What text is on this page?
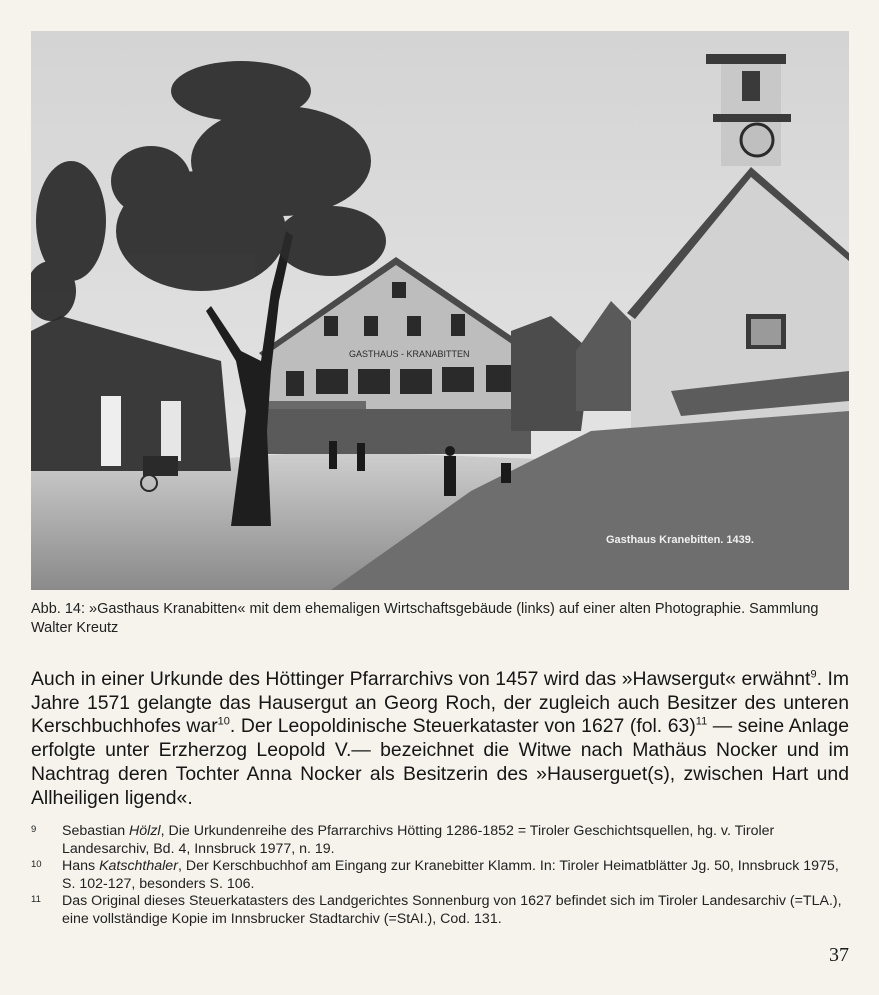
GASTHAUS - KRANABITTEN
Gasthaus Kranebitten. 1439.
Abb. 14: »Gasthaus Kranabitten« mit dem ehemaligen Wirtschaftsgebäude (links) auf einer alten Photographie. Sammlung Walter Kreutz
Auch in einer Urkunde des Höttinger Pfarrarchivs von 1457 wird das »Hawsergut« erwähnt$^9$. Im Jahre 1571 gelangte das Hausergut an Georg Roch, der zugleich auch Besitzer des unteren Kerschbuchhofes war$^{10}$. Der Leopoldinische Steuerkataster von 1627 (fol. 63)$^{11}$ — seine Anlage erfolgte unter Erzherzog Leopold V.— bezeichnet die Witwe nach Mathäus Nocker und im Nachtrag deren Tochter Anna Nocker als Besitzerin des »Hauserguet(s), zwischen Hart und Allheiligen ligend«.
9 Sebastian Hölzl, Die Urkundenreihe des Pfarrarchivs Hötting 1286-1852 = Tiroler Geschichtsquellen, hg. v. Tiroler Landesarchiv, Bd. 4, Innsbruck 1977, n. 19.
10 Hans Katschthaler, Der Kerschbuchhof am Eingang zur Kranebitter Klamm. In: Tiroler Heimatblätter Jg. 50, Innsbruck 1975, S. 102-127, besonders S. 106.
11 Das Original dieses Steuerkatasters des Landgerichtes Sonnenburg von 1627 befindet sich im Tiroler Landesarchiv (=TLA.), eine vollständige Kopie im Innsbrucker Stadtarchiv (=StAI.), Cod. 131.
37
